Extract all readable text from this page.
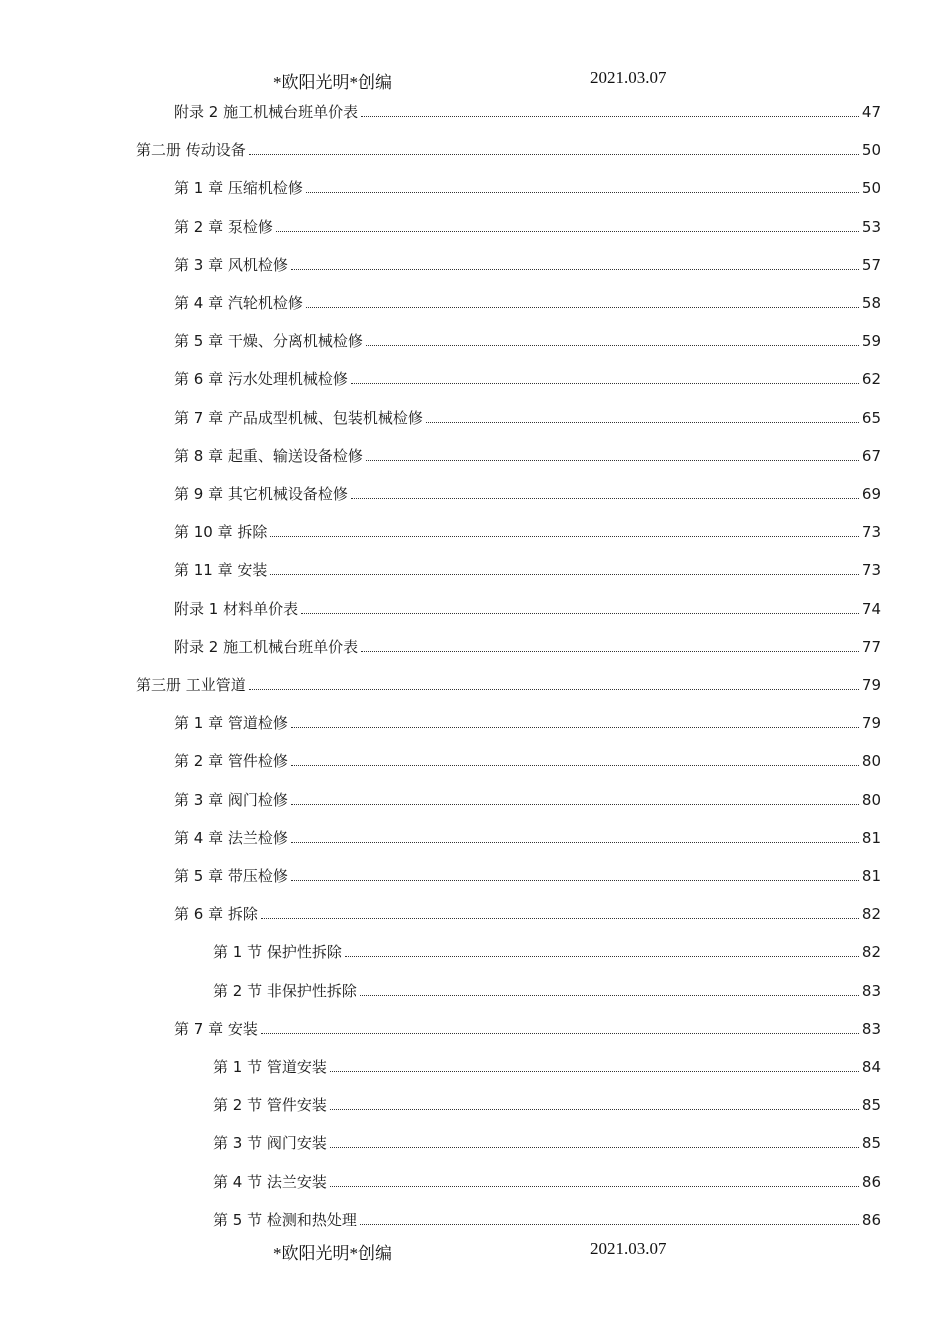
*欧阳光明*创编	2021.03.07
附录 2 施工机械台班单价表	47
第二册 传动设备	50
第 1 章 压缩机检修	50
第 2 章 泵检修	53
第 3 章 风机检修	57
第 4 章 汽轮机检修	58
第 5 章 干燥、分离机械检修	59
第 6 章 污水处理机械检修	62
第 7 章 产品成型机械、包装机械检修	65
第 8 章 起重、输送设备检修	67
第 9 章 其它机械设备检修	69
第 10 章 拆除	73
第 11 章 安装	73
附录 1 材料单价表	74
附录 2 施工机械台班单价表	77
第三册 工业管道	79
第 1 章 管道检修	79
第 2 章 管件检修	80
第 3 章 阀门检修	80
第 4 章 法兰检修	81
第 5 章 带压检修	81
第 6 章 拆除	82
第 1 节 保护性拆除	82
第 2 节 非保护性拆除	83
第 7 章 安装	83
第 1 节 管道安装	84
第 2 节 管件安装	85
第 3 节 阀门安装	85
第 4 节 法兰安装	86
第 5 节 检测和热处理	86
*欧阳光明*创编	2021.03.07
